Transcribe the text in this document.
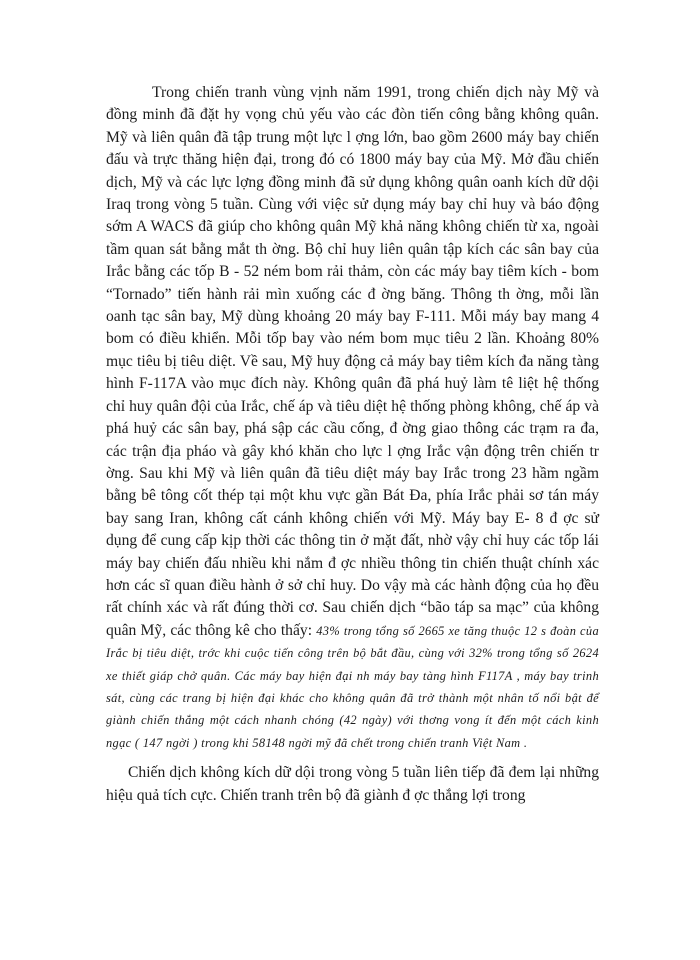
Trong chiến tranh vùng vịnh năm 1991, trong chiến dịch này Mỹ và đồng minh đã đặt hy vọng chủ yếu vào các đòn tiến công bằng không quân. Mỹ và liên quân đã tập trung một lực l ợng lớn, bao gồm 2600 máy bay chiến đấu và trực thăng hiện đại, trong đó có 1800 máy bay của Mỹ. Mở đầu chiến dịch, Mỹ và các lực lợng đồng minh đã sử dụng không quân oanh kích dữ dội Iraq trong vòng 5 tuần. Cùng với việc sử dụng máy bay chỉ huy và báo động sớm A WACS đã giúp cho không quân Mỹ khả năng không chiến từ xa, ngoài tầm quan sát bằng mắt th ờng. Bộ chỉ huy liên quân tập kích các sân bay của Irắc bằng các tốp B - 52 ném bom rải thảm, còn các máy bay tiêm kích - bom “Tornado” tiến hành rải mìn xuống các đ ờng băng. Thông th ờng, mỗi lần oanh tạc sân bay, Mỹ dùng khoảng 20 máy bay F-111. Mỗi máy bay mang 4 bom có điều khiển. Mỗi tốp bay vào ném bom mục tiêu 2 lần. Khoảng 80% mục tiêu bị tiêu diệt. Về sau, Mỹ huy động cả máy bay tiêm kích đa năng tàng hình F-117A vào mục đích này. Không quân đã phá huỷ làm tê liệt hệ thống chỉ huy quân đội của Irắc, chế áp và tiêu diệt hệ thống phòng không, chế áp và phá huỷ các sân bay, phá sập các cầu cống, đ ờng giao thông các trạm ra đa, các trận địa pháo và gây khó khăn cho lực l ợng Irắc vận động trên chiến tr ờng. Sau khi Mỹ và liên quân đã tiêu diệt máy bay Irắc trong 23 hầm ngầm bằng bê tông cốt thép tại một khu vực gần Bát Đa, phía Irắc phải sơ tán máy bay sang Iran, không cất cánh không chiến với Mỹ. Máy bay E- 8 đ ợc sử dụng để cung cấp kịp thời các thông tin ở mặt đất, nhờ vậy chỉ huy các tốp lái máy bay chiến đấu nhiều khi nắm đ ợc nhiều thông tin chiến thuật chính xác hơn các sĩ quan điều hành ở sở chỉ huy. Do vậy mà các hành động của họ đều rất chính xác và rất đúng thời cơ. Sau chiến dịch “bão táp sa mạc” của không quân Mỹ, các thông kê cho thấy: 43% trong tổng số 2665 xe tăng thuộc 12 s đoàn của Irắc bị tiêu diệt, trớc khi cuộc tiến công trên bộ bắt đầu, cùng với 32% trong tổng số 2624 xe thiết giáp chở quân. Các máy bay hiện đại nh máy bay tàng hình F117A , máy bay trinh sát, cùng các trang bị hiện đại khác cho không quân đã trở thành một nhân tố nổi bật để giành chiến thắng một cách nhanh chóng (42 ngày) với thơng vong ít đến một cách kinh ngạc ( 147 ngời ) trong khi 58148 ngời mỹ đã chết trong chiến tranh Việt Nam .

Chiến dịch không kích dữ dội trong vòng 5 tuần liên tiếp đã đem lại những hiệu quả tích cực. Chiến tranh trên bộ đã giành đ ợc thắng lợi trong
